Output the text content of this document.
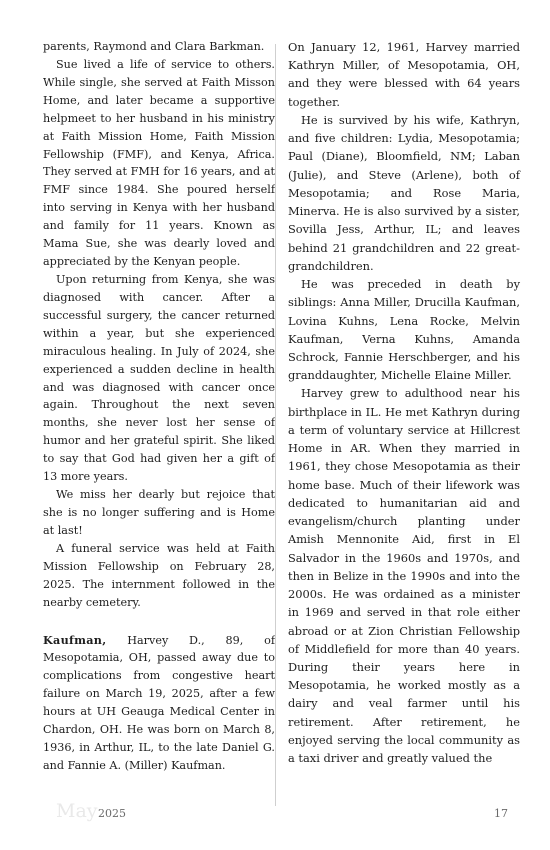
parents, Raymond and Clara Barkman.

Sue lived a life of service to others. While single, she served at Faith Misson Home, and later became a supportive helpmeet to her husband in his ministry at Faith Mission Home, Faith Mission Fellowship (FMF), and Kenya, Africa. They served at FMH for 16 years, and at FMF since 1984. She poured herself into serving in Kenya with her husband and family for 11 years. Known as Mama Sue, she was dearly loved and appreciated by the Kenyan people.

Upon returning from Kenya, she was diagnosed with cancer. After a successful surgery, the cancer returned within a year, but she experienced miraculous healing. In July of 2024, she experienced a sudden decline in health and was diagnosed with cancer once again. Throughout the next seven months, she never lost her sense of humor and her grateful spirit. She liked to say that God had given her a gift of 13 more years.

We miss her dearly but rejoice that she is no longer suffering and is Home at last!

A funeral service was held at Faith Mission Fellowship on February 28, 2025. The internment followed in the nearby cemetery.

Kaufman, Harvey D., 89, of Mesopotamia, OH, passed away due to complications from congestive heart failure on March 19, 2025, after a few hours at UH Geauga Medical Center in Chardon, OH. He was born on March 8, 1936, in Arthur, IL, to the late Daniel G. and Fannie A. (Miller) Kaufman.

On January 12, 1961, Harvey married Kathryn Miller, of Mesopotamia, OH, and they were blessed with 64 years together.

He is survived by his wife, Kathryn, and five children: Lydia, Mesopotamia; Paul (Diane), Bloomfield, NM; Laban (Julie), and Steve (Arlene), both of Mesopotamia; and Rose Maria, Minerva. He is also survived by a sister, Sovilla Jess, Arthur, IL; and leaves behind 21 grandchildren and 22 great-grandchildren.

He was preceded in death by siblings: Anna Miller, Drucilla Kaufman, Lovina Kuhns, Lena Rocke, Melvin Kaufman, Verna Kuhns, Amanda Schrock, Fannie Herschberger, and his granddaughter, Michelle Elaine Miller.

Harvey grew to adulthood near his birthplace in IL. He met Kathryn during a term of voluntary service at Hillcrest Home in AR. When they married in 1961, they chose Mesopotamia as their home base. Much of their lifework was dedicated to humanitarian aid and evangelism/church planting under Amish Mennonite Aid, first in El Salvador in the 1960s and 1970s, and then in Belize in the 1990s and into the 2000s. He was ordained as a minister in 1969 and served in that role either abroad or at Zion Christian Fellowship of Middlefield for more than 40 years. During their years here in Mesopotamia, he worked mostly as a dairy and veal farmer until his retirement. After retirement, he enjoyed serving the local community as a taxi driver and greatly valued the

May 2025	17
